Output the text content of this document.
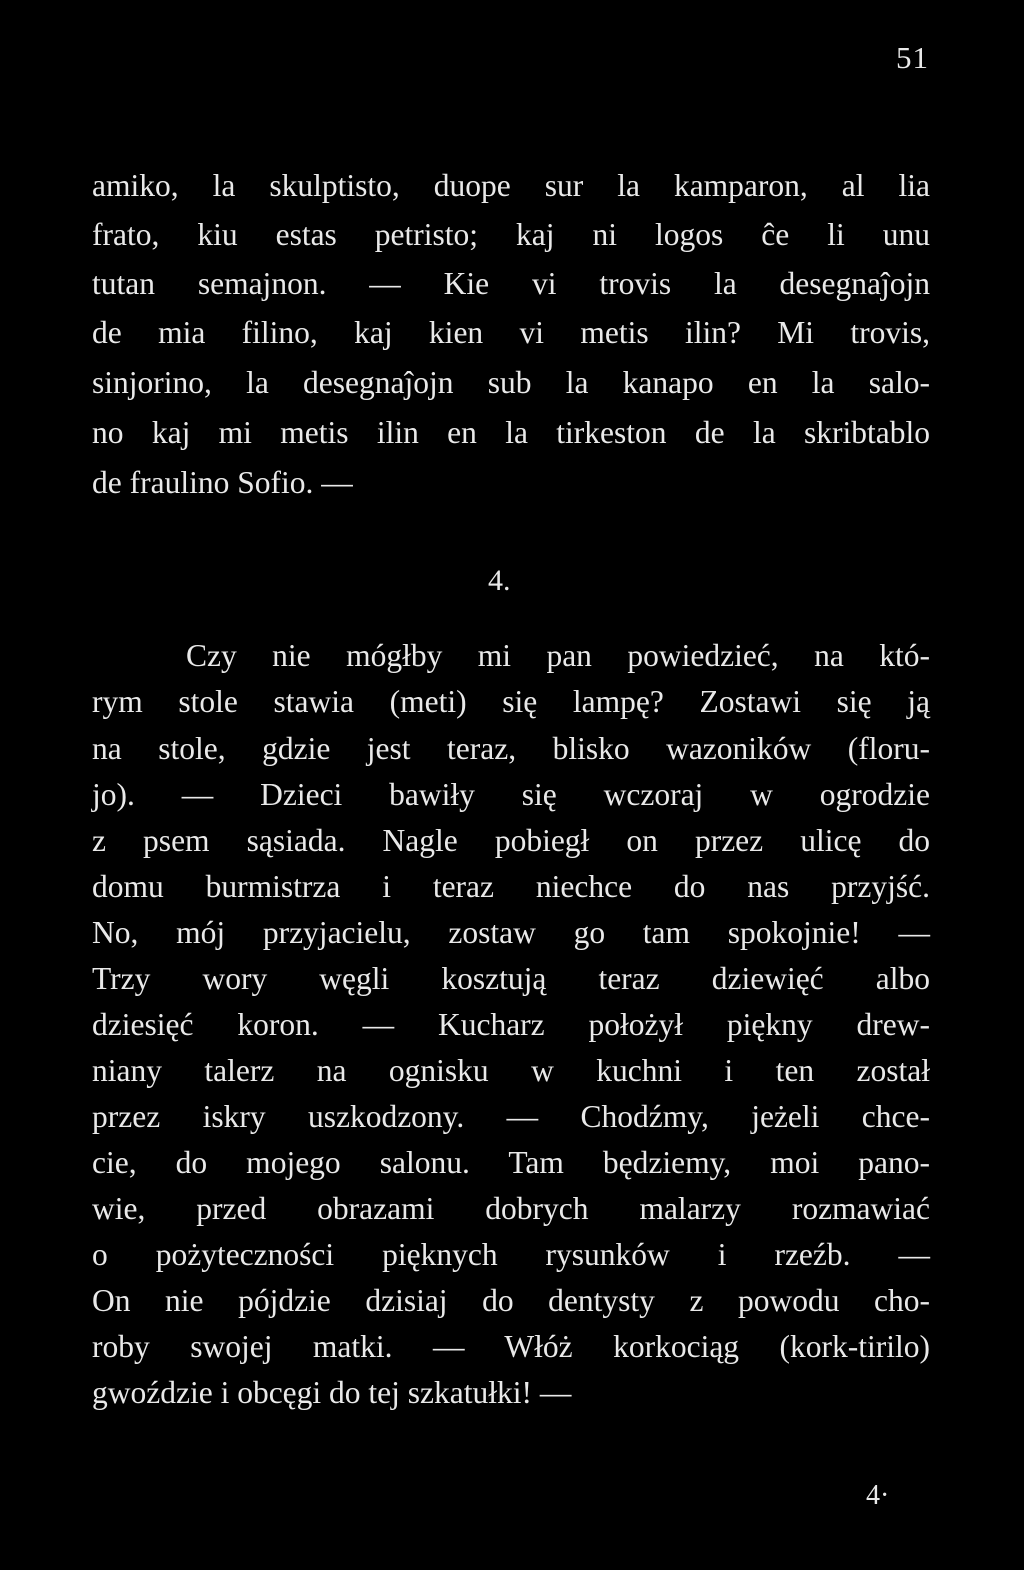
51
amiko, la skulptisto, duope sur la kamparon, al lia
frato, kiu estas petristo; kaj ni logos ĉe li unu
tutan semajnon. — Kie vi trovis la desegnaĵojn
de mia filino, kaj kien vi metis ilin? Mi trovis,
sinjorino, la desegnaĵojn sub la kanapo en la salo-
no kaj mi metis ilin en la tirkeston de la skribtablo
de fraulino Sofio. —
4.
Czy nie mógłby mi pan powiedzieć, na któ-
rym stole stawia (meti) się lampę? Zostawi się ją
na stole, gdzie jest teraz, blisko wazoników (floru-
jo). — Dzieci bawiły się wczoraj w ogrodzie
z psem sąsiada. Nagle pobiegł on przez ulicę do
domu burmistrza i teraz niechce do nas przyjść.
No, mój przyjacielu, zostaw go tam spokojnie! —
Trzy wory węgli kosztują teraz dziewięć albo
dziesięć koron. — Kucharz położył piękny drew-
niany talerz na ognisku w kuchni i ten został
przez iskry uszkodzony. — Chodźmy, jeżeli chce-
cie, do mojego salonu. Tam będziemy, moi pano-
wie, przed obrazami dobrych malarzy rozmawiać
o pożyteczności pięknych rysunków i rzeźb. —
On nie pójdzie dzisiaj do dentysty z powodu cho-
roby swojej matki. — Włóż korkociąg (kork-tirilo)
gwoździe i obcęgi do tej szkatułki! —
4·
